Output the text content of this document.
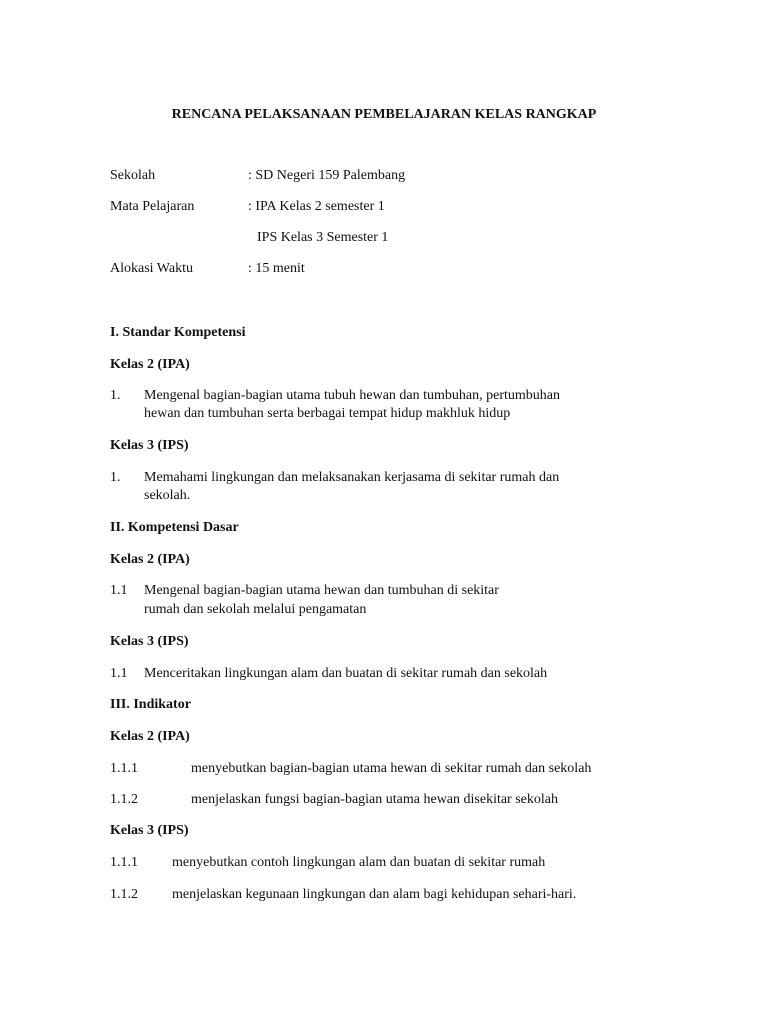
RENCANA PELAKSANAAN PEMBELAJARAN KELAS RANGKAP
Sekolah	: SD Negeri 159 Palembang
Mata Pelajaran	: IPA Kelas 2 semester 1
IPS Kelas 3 Semester 1
Alokasi Waktu	: 15 menit
I. Standar Kompetensi
Kelas 2 (IPA)
1. Mengenal bagian-bagian utama tubuh hewan dan tumbuhan, pertumbuhan
hewan dan tumbuhan serta berbagai tempat hidup makhluk hidup
Kelas 3 (IPS)
1. Memahami lingkungan dan melaksanakan kerjasama di sekitar rumah dan
sekolah.
II. Kompetensi Dasar
Kelas 2 (IPA)
1.1 Mengenal bagian-bagian utama hewan dan tumbuhan di sekitar
rumah dan sekolah melalui pengamatan
Kelas 3 (IPS)
1.1 Menceritakan lingkungan alam dan buatan di sekitar rumah dan sekolah
III. Indikator
Kelas 2 (IPA)
1.1.1	menyebutkan bagian-bagian utama hewan di sekitar rumah dan sekolah
1.1.2	menjelaskan fungsi bagian-bagian utama hewan disekitar sekolah
Kelas 3 (IPS)
1.1.1 menyebutkan contoh lingkungan alam dan buatan di sekitar rumah
1.1.2 menjelaskan kegunaan lingkungan dan alam bagi kehidupan sehari-hari.
